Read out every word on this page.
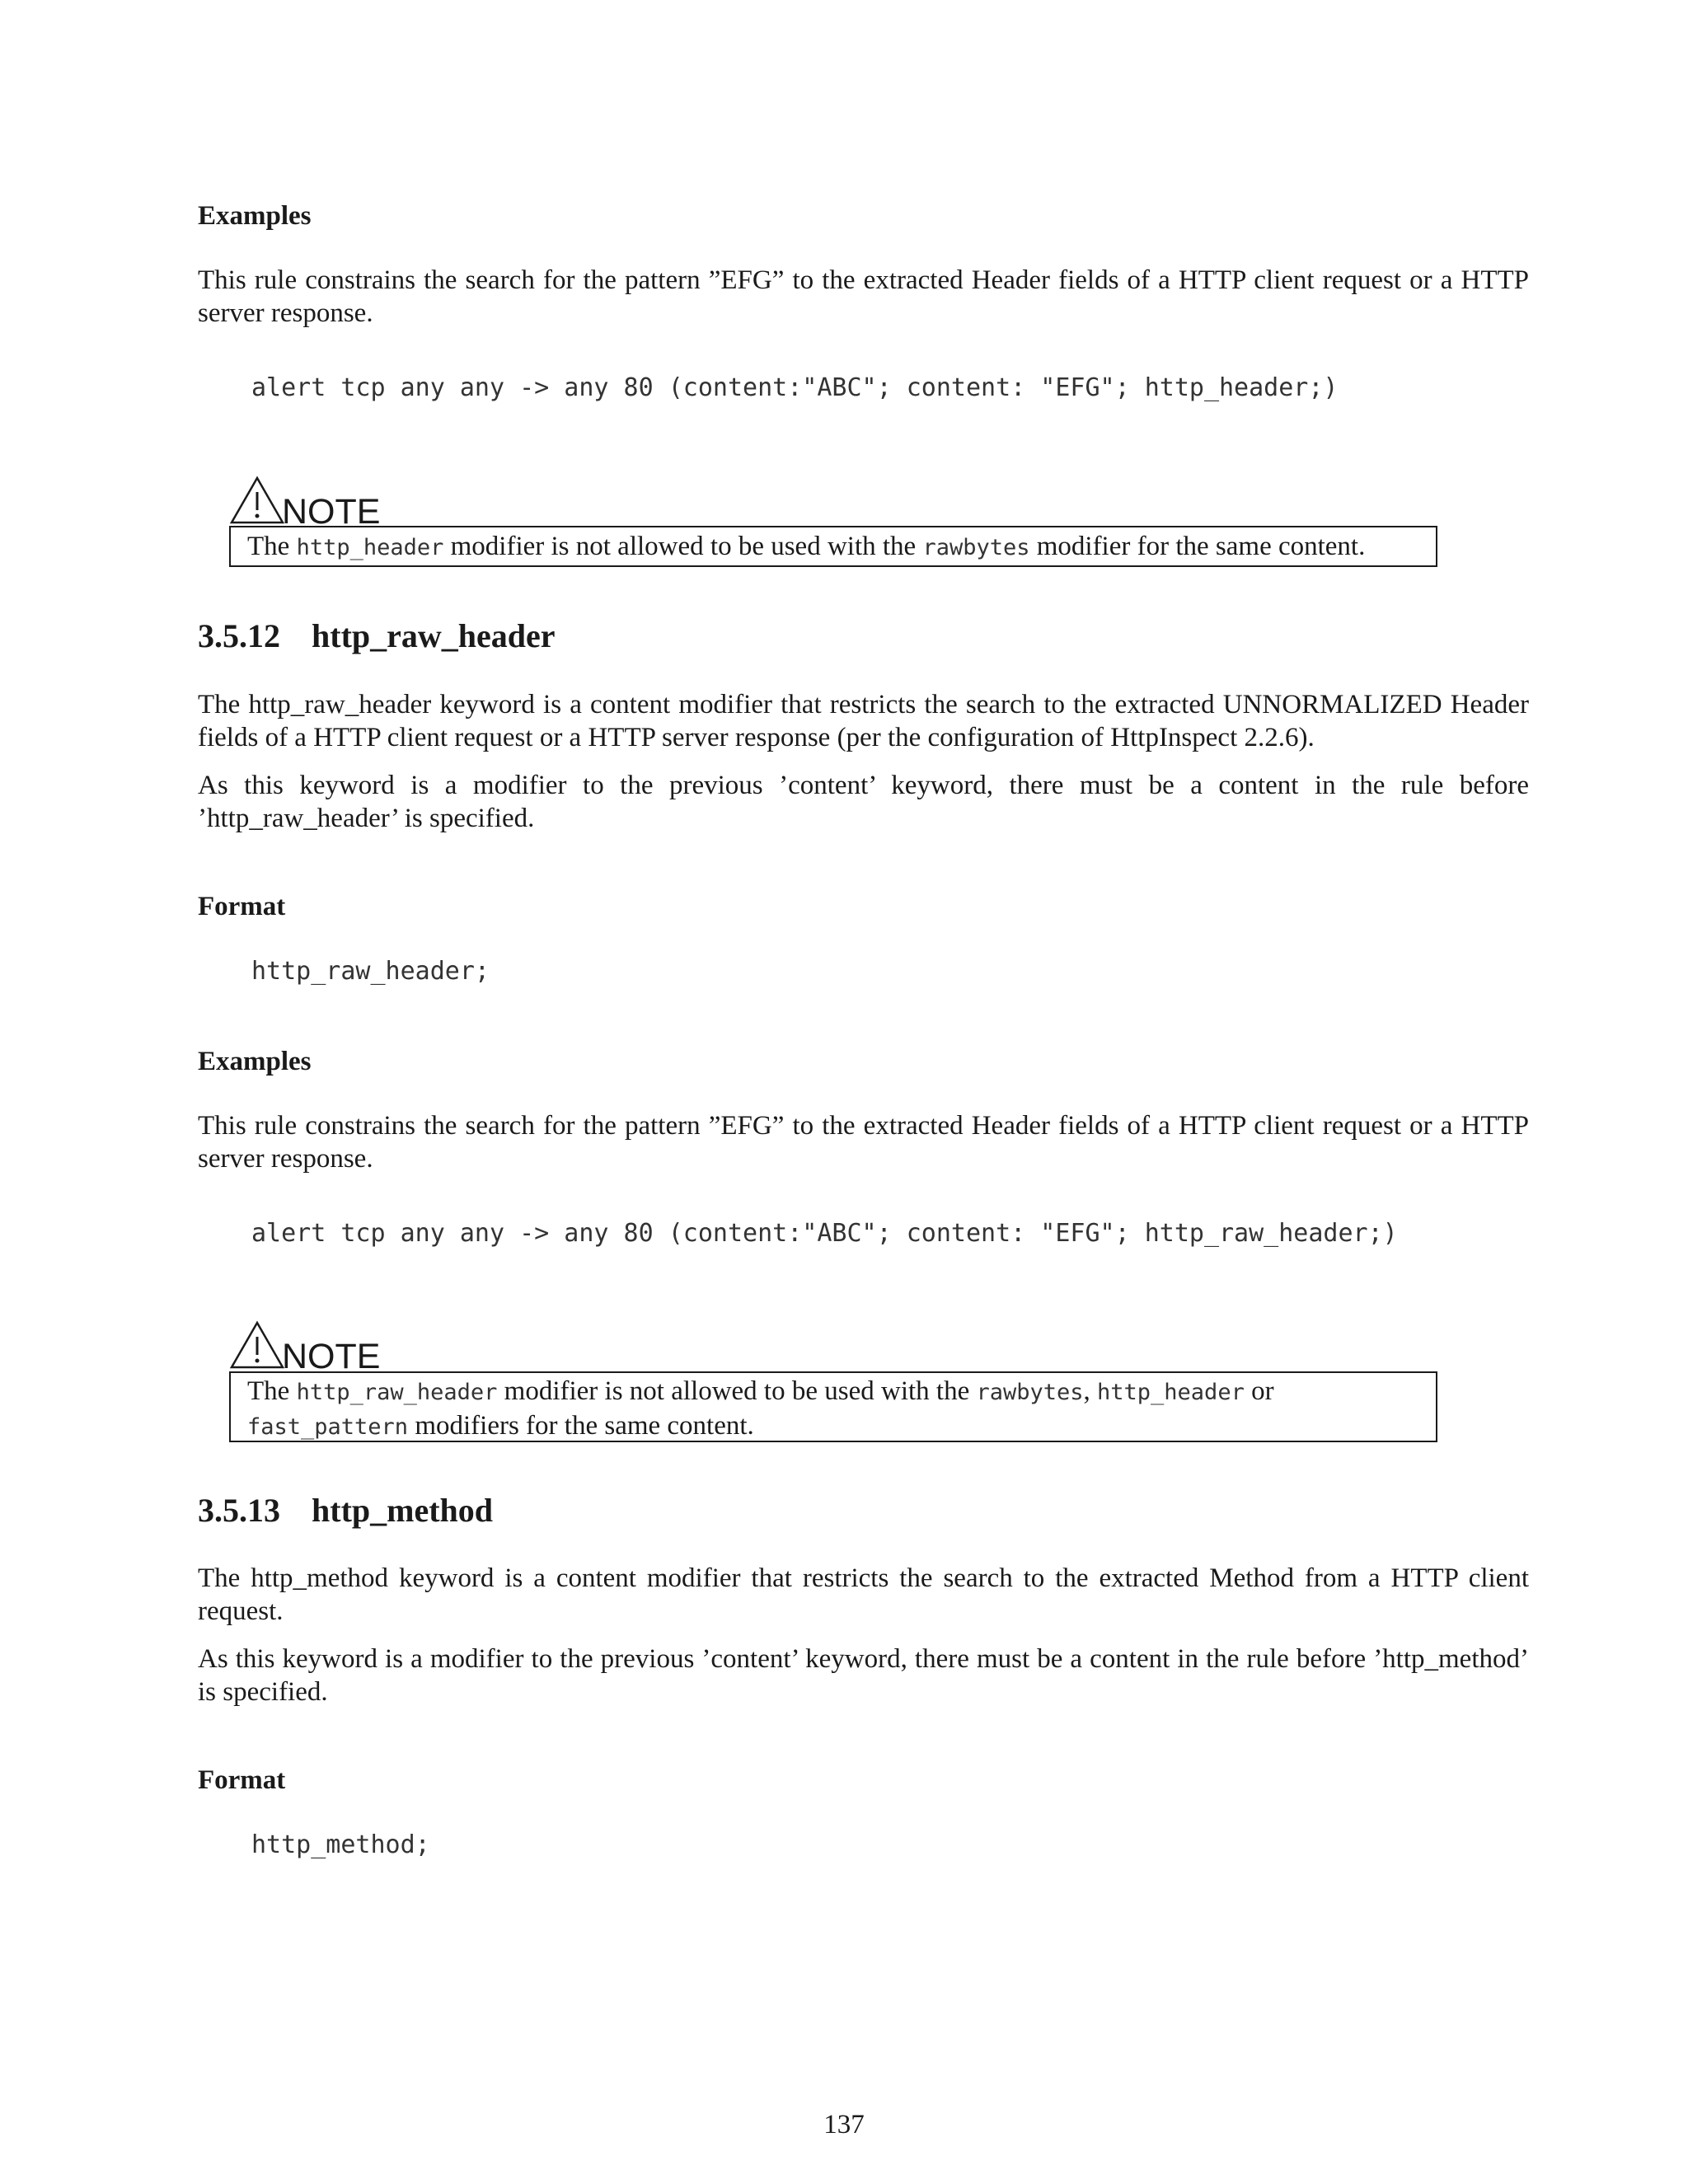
Examples
This rule constrains the search for the pattern ”EFG” to the extracted Header fields of a HTTP client request or a HTTP server response.
alert tcp any any -> any 80 (content:"ABC"; content: "EFG"; http_header;)
NOTE
The http_header modifier is not allowed to be used with the rawbytes modifier for the same content.
3.5.12 http_raw_header
The http_raw_header keyword is a content modifier that restricts the search to the extracted UNNORMALIZED Header fields of a HTTP client request or a HTTP server response (per the configuration of HttpInspect 2.2.6).
As this keyword is a modifier to the previous ’content’ keyword, there must be a content in the rule before ’http_raw_header’ is specified.
Format
http_raw_header;
Examples
This rule constrains the search for the pattern ”EFG” to the extracted Header fields of a HTTP client request or a HTTP server response.
alert tcp any any -> any 80 (content:"ABC"; content: "EFG"; http_raw_header;)
NOTE
The http_raw_header modifier is not allowed to be used with the rawbytes, http_header or fast_pattern modifiers for the same content.
3.5.13 http_method
The http_method keyword is a content modifier that restricts the search to the extracted Method from a HTTP client request.
As this keyword is a modifier to the previous ’content’ keyword, there must be a content in the rule before ’http_method’ is specified.
Format
http_method;
137
